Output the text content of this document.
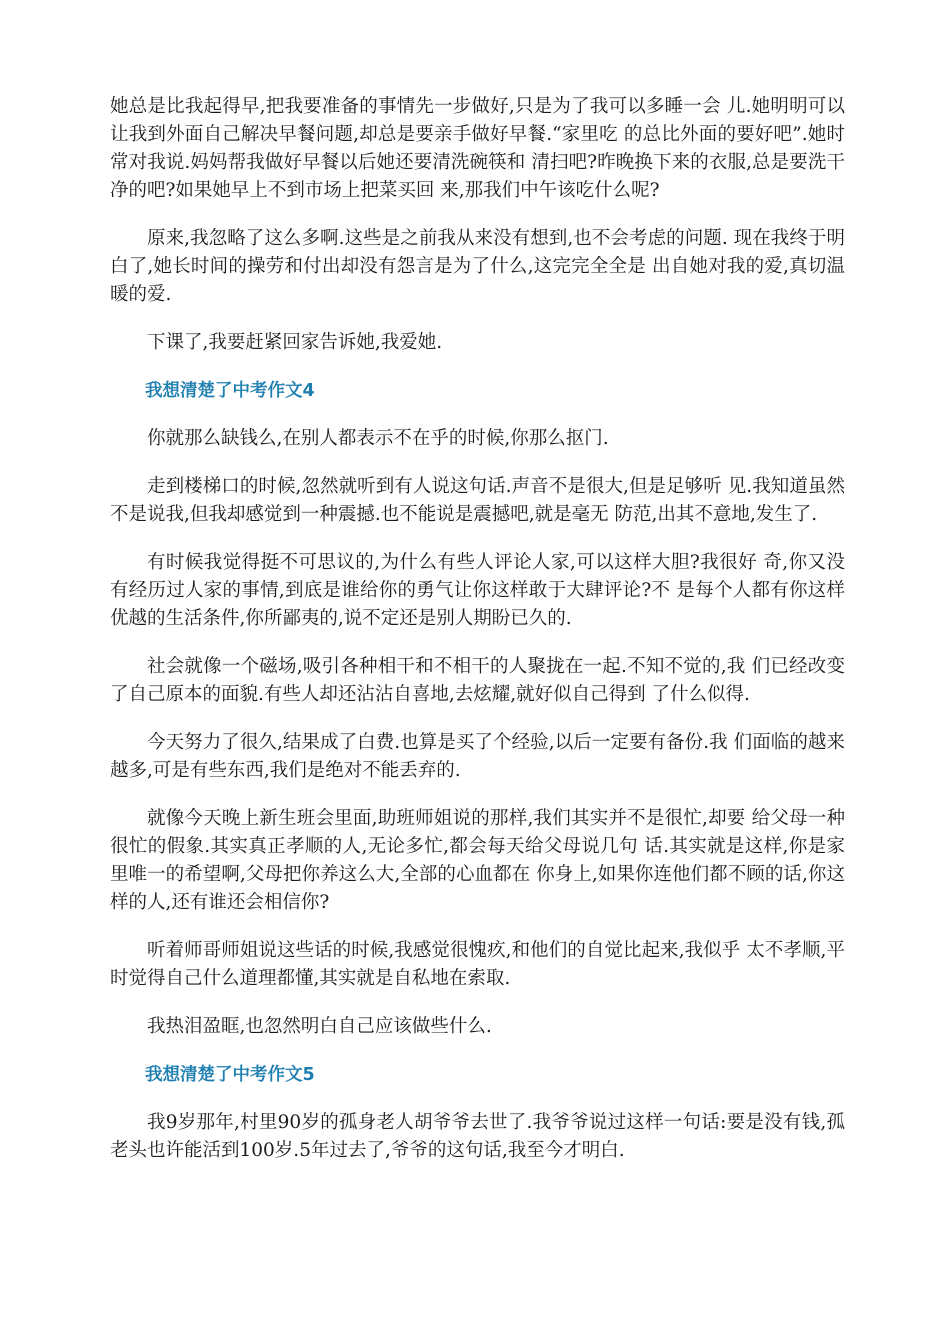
她总是比我起得早,把我要准备的事情先一步做好,只是为了我可以多睡一会 儿.她明明可以让我到外面自己解决早餐问题,却总是要亲手做好早餐.“家里吃 的总比外面的要好吧”.她时常对我说.妈妈帮我做好早餐以后她还要清洗碗筷和 清扫吧?昨晚换下来的衣服,总是要洗干净的吧?如果她早上不到市场上把菜买回 来,那我们中午该吃什么呢?

原来,我忽略了这么多啊.这些是之前我从来没有想到,也不会考虑的问题. 现在我终于明白了,她长时间的操劳和付出却没有怨言是为了什么,这完完全全是 出自她对我的爱,真切温暖的爱.

下课了,我要赶紧回家告诉她,我爱她.

我想清楚了中考作文4

你就那么缺钱么,在别人都表示不在乎的时候,你那么抠门.

走到楼梯口的时候,忽然就听到有人说这句话.声音不是很大,但是足够听 见.我知道虽然不是说我,但我却感觉到一种震撼.也不能说是震撼吧,就是毫无 防范,出其不意地,发生了.

有时候我觉得挺不可思议的,为什么有些人评论人家,可以这样大胆?我很好 奇,你又没有经历过人家的事情,到底是谁给你的勇气让你这样敢于大肆评论?不 是每个人都有你这样优越的生活条件,你所鄙夷的,说不定还是别人期盼已久的.

社会就像一个磁场,吸引各种相干和不相干的人聚拢在一起.不知不觉的,我 们已经改变了自己原本的面貌.有些人却还沾沾自喜地,去炫耀,就好似自己得到 了什么似得.

今天努力了很久,结果成了白费.也算是买了个经验,以后一定要有备份.我 们面临的越来越多,可是有些东西,我们是绝对不能丢弃的.

就像今天晚上新生班会里面,助班师姐说的那样,我们其实并不是很忙,却要 给父母一种很忙的假象.其实真正孝顺的人,无论多忙,都会每天给父母说几句 话.其实就是这样,你是家里唯一的希望啊,父母把你养这么大,全部的心血都在 你身上,如果你连他们都不顾的话,你这样的人,还有谁还会相信你?

听着师哥师姐说这些话的时候,我感觉很愧疚,和他们的自觉比起来,我似乎 太不孝顺,平时觉得自己什么道理都懂,其实就是自私地在索取.

我热泪盈眶,也忽然明白自己应该做些什么.

我想清楚了中考作文5

我9岁那年,村里90岁的孤身老人胡爷爷去世了.我爷爷说过这样一句话:要是没有钱,孤老头也许能活到100岁.5年过去了,爷爷的这句话,我至今才明白.
